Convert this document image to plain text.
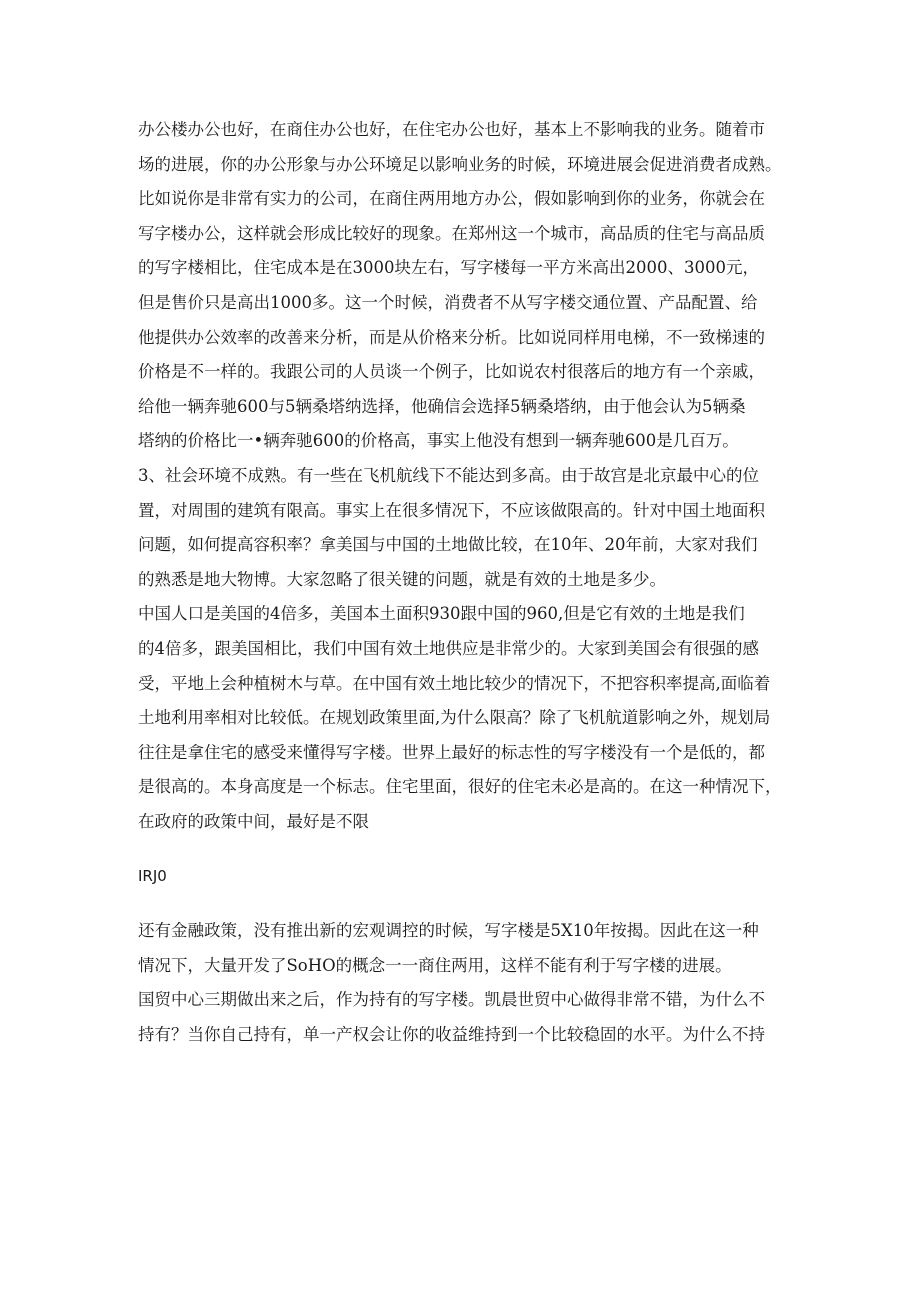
办公楼办公也好，在商住办公也好，在住宅办公也好，基本上不影响我的业务。随着市
场的进展，你的办公形象与办公环境足以影响业务的时候，环境进展会促进消费者成熟。
比如说你是非常有实力的公司，在商住两用地方办公，假如影响到你的业务，你就会在
写字楼办公，这样就会形成比较好的现象。在郑州这一个城市，高品质的住宅与高品质
的写字楼相比，住宅成本是在3000块左右，写字楼每一平方米高出2000、3000元，
但是售价只是高出1000多。这一个时候，消费者不从写字楼交通位置、产品配置、给
他提供办公效率的改善来分析，而是从价格来分析。比如说同样用电梯，不一致梯速的
价格是不一样的。我跟公司的人员谈一个例子，比如说农村很落后的地方有一个亲戚，
给他一辆奔驰600与5辆桑塔纳选择，他确信会选择5辆桑塔纳，由于他会认为5辆桑
塔纳的价格比一•辆奔驰600的价格高，事实上他没有想到一辆奔驰600是几百万。
3、社会环境不成熟。有一些在飞机航线下不能达到多高。由于故宫是北京最中心的位
置，对周围的建筑有限高。事实上在很多情况下，不应该做限高的。针对中国土地面积
问题，如何提高容积率？拿美国与中国的土地做比较，在10年、20年前，大家对我们
的熟悉是地大物博。大家忽略了很关键的问题，就是有效的土地是多少。
中国人口是美国的4倍多，美国本土面积930跟中国的960,但是它有效的土地是我们
的4倍多，跟美国相比，我们中国有效土地供应是非常少的。大家到美国会有很强的感
受，平地上会种植树木与草。在中国有效土地比较少的情况下，不把容积率提高,面临着
土地利用率相对比较低。在规划政策里面,为什么限高？除了飞机航道影响之外，规划局
往往是拿住宅的感受来懂得写字楼。世界上最好的标志性的写字楼没有一个是低的，都
是很高的。本身高度是一个标志。住宅里面，很好的住宅未必是高的。在这一种情况下，
在政府的政策中间，最好是不限
IRJ0
还有金融政策，没有推出新的宏观调控的时候，写字楼是5X10年按揭。因此在这一种
情况下，大量开发了SoHO的概念一一商住两用，这样不能有利于写字楼的进展。
国贸中心三期做出来之后，作为持有的写字楼。凯晨世贸中心做得非常不错，为什么不
持有？当你自己持有，单一产权会让你的收益维持到一个比较稳固的水平。为什么不持
